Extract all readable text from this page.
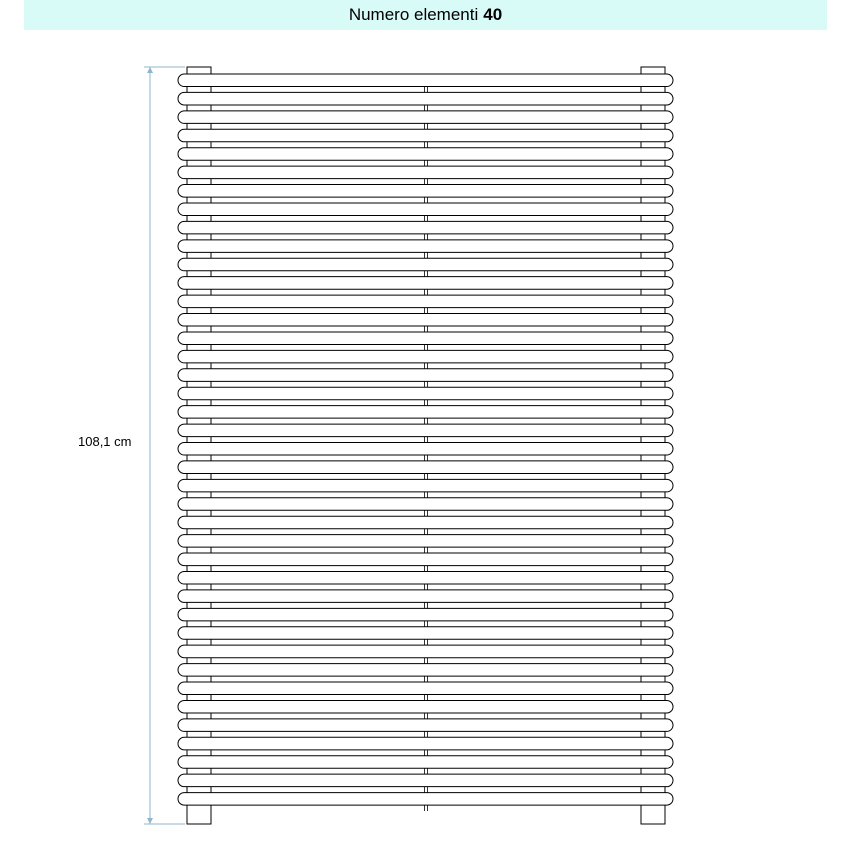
Numero elementi 40
108,1 cm
